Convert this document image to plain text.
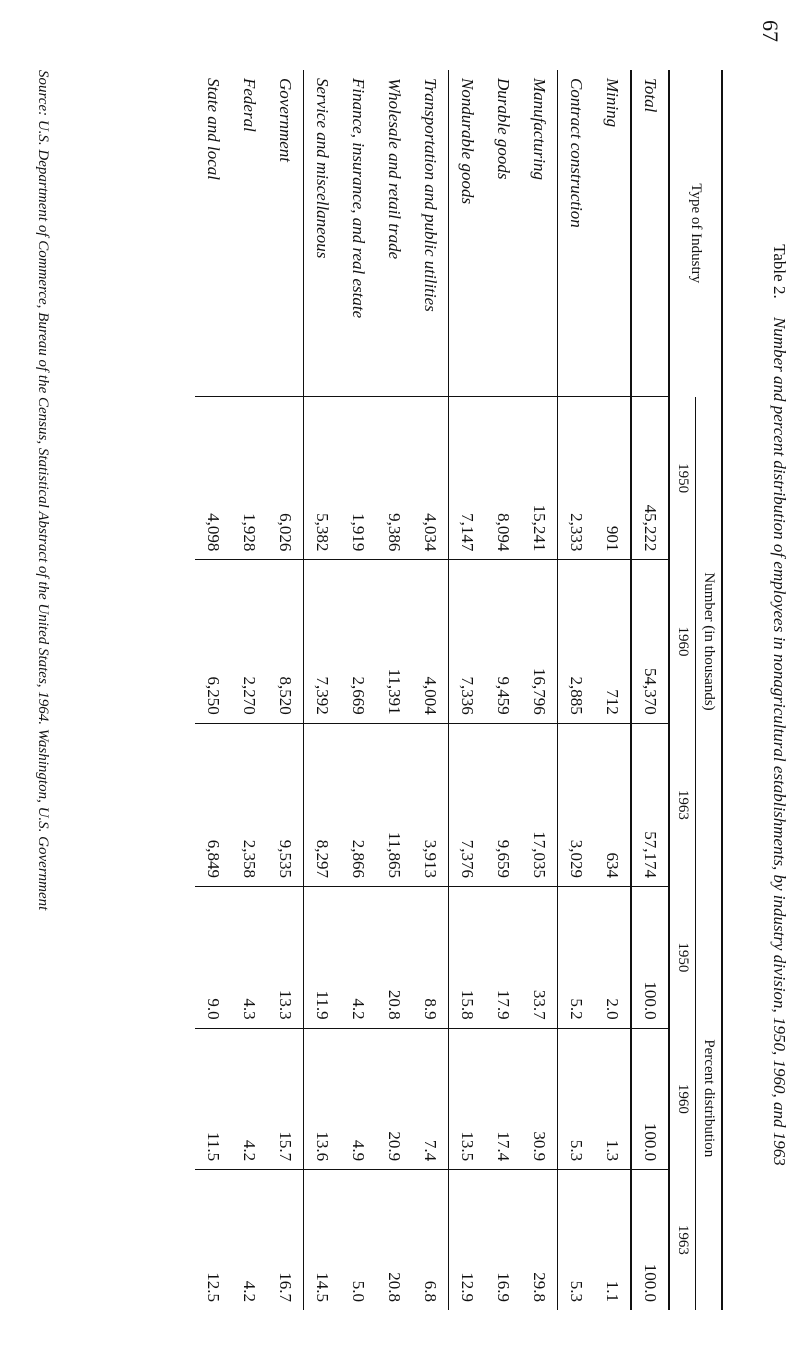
67
Table 2. Number and percent distribution of employees in nonagricultural establishments, by industry division, 1950, 1960, and 1963
Type of Industry	Number (in thousands)			Percent distribution		
	1950	1960	1963	1950	1960	1963
Total	45,222	54,370	57,174	100.0	100.0	100.0
Mining	901	712	634	2.0	1.3	1.1
Contract construction	2,333	2,885	3,029	5.2	5.3	5.3
Manufacturing	15,241	16,796	17,035	33.7	30.9	29.8
Durable goods	8,094	9,459	9,659	17.9	17.4	16.9
Nondurable goods	7,147	7,336	7,376	15.8	13.5	12.9
Transportation and public utilities	4,034	4,004	3,913	8.9	7.4	6.8
Wholesale and retail trade	9,386	11,391	11,865	20.8	20.9	20.8
Finance, insurance, and real estate	1,919	2,669	2,866	4.2	4.9	5.0
Service and miscellaneous	5,382	7,392	8,297	11.9	13.6	14.5
Government	6,026	8,520	9,535	13.3	15.7	16.7
Federal	1,928	2,270	2,358	4.3	4.2	4.2
State and local	4,098	6,250	6,849	9.0	11.5	12.5
Source: U.S. Department of Commerce, Bureau of the Census, Statistical Abstract of the United States, 1964. Washington, U.S. Government
